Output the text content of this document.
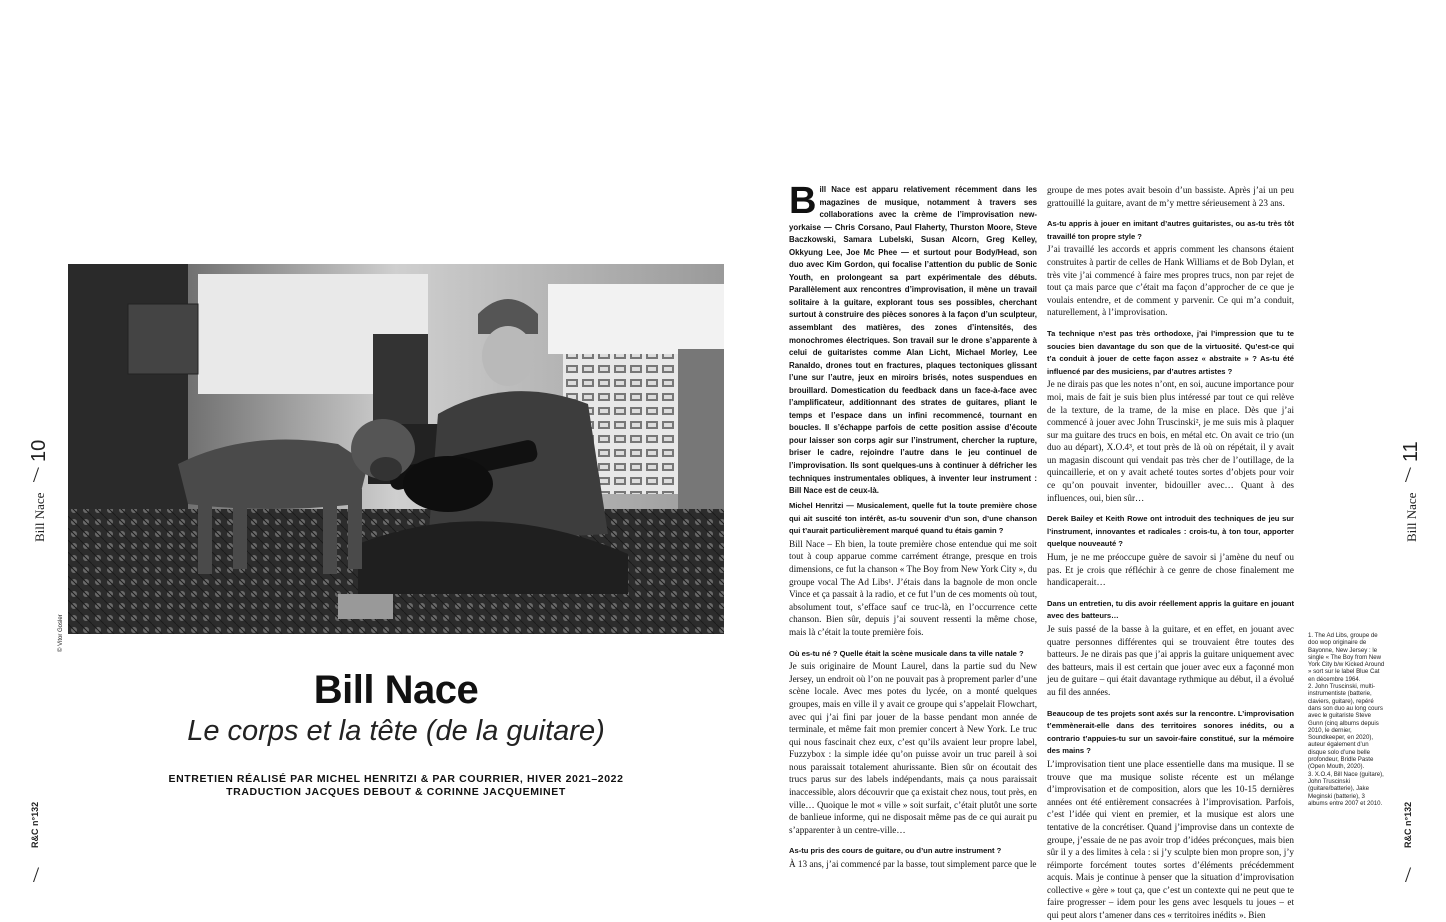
© Vitor Gosler
Bill Nace
/
10
R&C n°132
/
Bill Nace
Le corps et la tête (de la guitare)
ENTRETIEN RÉALISÉ PAR MICHEL HENRITZI & PAR COURRIER, HIVER 2021–2022
TRADUCTION JACQUES DEBOUT & CORINNE JACQUEMINET
Bill Nace est apparu relativement récemment dans les magazines de musique, notamment à travers ses collaborations avec la crème de l’improvisation new-yorkaise — Chris Corsano, Paul Flaherty, Thurston Moore, Steve Baczkowski, Samara Lubelski, Susan Alcorn, Greg Kelley, Okkyung Lee, Joe Mc Phee — et surtout pour Body/Head, son duo avec Kim Gordon, qui focalise l’attention du public de Sonic Youth, en prolongeant sa part expérimentale des débuts. Parallèlement aux rencontres d’improvisation, il mène un travail solitaire à la guitare, explorant tous ses possibles, cherchant surtout à construire des pièces sonores à la façon d’un sculpteur, assemblant des matières, des zones d’intensités, des monochromes électriques. Son travail sur le drone s’apparente à celui de guitaristes comme Alan Licht, Michael Morley, Lee Ranaldo, drones tout en fractures, plaques tectoniques glissant l’une sur l’autre, jeux en miroirs brisés, notes suspendues en brouillard. Domestication du feedback dans un face-à-face avec l’amplificateur, additionnant des strates de guitares, pliant le temps et l’espace dans un infini recommencé, tournant en boucles. Il s’échappe parfois de cette position assise d’écoute pour laisser son corps agir sur l’instrument, chercher la rupture, briser le cadre, rejoindre l’autre dans le jeu continuel de l’improvisation. Ils sont quelques-uns à continuer à défricher les techniques instrumentales obliques, à inventer leur instrument : Bill Nace est de ceux-là.

Michel Henritzi — Musicalement, quelle fut la toute première chose qui ait suscité ton intérêt, as-tu souvenir d’un son, d’une chanson qui t’aurait particulièrement marqué quand tu étais gamin ?

Bill Nace – Eh bien, la toute première chose entendue qui me soit tout à coup apparue comme carrément étrange, presque en trois dimensions, ce fut la chanson « The Boy from New York City », du groupe vocal The Ad Libs¹. J’étais dans la bagnole de mon oncle Vince et ça passait à la radio, et ce fut l’un de ces moments où tout, absolument tout, s’efface sauf ce truc-là, en l’occurrence cette chanson. Bien sûr, depuis j’ai souvent ressenti la même chose, mais là c’était la toute première fois.

Où es-tu né ? Quelle était la scène musicale dans ta ville natale ?

Je suis originaire de Mount Laurel, dans la partie sud du New Jersey, un endroit où l’on ne pouvait pas à proprement parler d’une scène locale. Avec mes potes du lycée, on a monté quelques groupes, mais en ville il y avait ce groupe qui s’appelait Flowchart, avec qui j’ai fini par jouer de la basse pendant mon année de terminale, et même fait mon premier concert à New York. Le truc qui nous fascinait chez eux, c’est qu’ils avaient leur propre label, Fuzzybox : la simple idée qu’on puisse avoir un truc pareil à soi nous paraissait totalement ahurissante. Bien sûr on écoutait des trucs parus sur des labels indépendants, mais ça nous paraissait inaccessible, alors découvrir que ça existait chez nous, tout près, en ville… Quoique le mot « ville » soit surfait, c’était plutôt une sorte de banlieue informe, qui ne disposait même pas de ce qui aurait pu s’apparenter à un centre-ville…

As-tu pris des cours de guitare, ou d’un autre instrument ?

À 13 ans, j’ai commencé par la basse, tout simplement parce que le

groupe de mes potes avait besoin d’un bassiste. Après j’ai un peu grattouillé la guitare, avant de m’y mettre sérieusement à 23 ans.

As-tu appris à jouer en imitant d’autres guitaristes, ou as-tu très tôt travaillé ton propre style ?

J’ai travaillé les accords et appris comment les chansons étaient construites à partir de celles de Hank Williams et de Bob Dylan, et très vite j’ai commencé à faire mes propres trucs, non par rejet de tout ça mais parce que c’était ma façon d’approcher de ce que je voulais entendre, et de comment y parvenir. Ce qui m’a conduit, naturellement, à l’improvisation.

Ta technique n’est pas très orthodoxe, j’ai l’impression que tu te soucies bien davantage du son que de la virtuosité. Qu’est-ce qui t’a conduit à jouer de cette façon assez « abstraite » ? As-tu été influencé par des musiciens, par d’autres artistes ?

Je ne dirais pas que les notes n’ont, en soi, aucune importance pour moi, mais de fait je suis bien plus intéressé par tout ce qui relève de la texture, de la trame, de la mise en place. Dès que j’ai commencé à jouer avec John Truscinski², je me suis mis à plaquer sur ma guitare des trucs en bois, en métal etc. On avait ce trio (un duo au départ), X.O.4³, et tout près de là où on répétait, il y avait un magasin discount qui vendait pas très cher de l’outillage, de la quincaillerie, et on y avait acheté toutes sortes d’objets pour voir ce qu’on pouvait inventer, bidouiller avec… Quant à des influences, oui, bien sûr…

Derek Bailey et Keith Rowe ont introduit des techniques de jeu sur l’instrument, innovantes et radicales : crois-tu, à ton tour, apporter quelque nouveauté ?

Hum, je ne me préoccupe guère de savoir si j’amène du neuf ou pas. Et je crois que réfléchir à ce genre de chose finalement me handicaperait…

Dans un entretien, tu dis avoir réellement appris la guitare en jouant avec des batteurs…

Je suis passé de la basse à la guitare, et en effet, en jouant avec quatre personnes différentes qui se trouvaient être toutes des batteurs. Je ne dirais pas que j’ai appris la guitare uniquement avec des batteurs, mais il est certain que jouer avec eux a façonné mon jeu de guitare – qui était davantage rythmique au début, il a évolué au fil des années.

Beaucoup de tes projets sont axés sur la rencontre. L’improvisation t’emmènerait-elle dans des territoires sonores inédits, ou a contrario t’appuies-tu sur un savoir-faire constitué, sur la mémoire des mains ?

L’improvisation tient une place essentielle dans ma musique. Il se trouve que ma musique soliste récente est un mélange d’improvisation et de composition, alors que les 10-15 dernières années ont été entièrement consacrées à l’improvisation. Parfois, c’est l’idée qui vient en premier, et la musique est alors une tentative de la concrétiser. Quand j’improvise dans un contexte de groupe, j’essaie de ne pas avoir trop d’idées préconçues, mais bien sûr il y a des limites à cela : si j’y sculpte bien mon propre son, j’y réimporte forcément toutes sortes d’éléments précédemment acquis. Mais je continue à penser que la situation d’improvisation collective « gère » tout ça, que c’est un contexte qui ne peut que te faire progresser – idem pour les gens avec lesquels tu joues – et qui peut alors t’amener dans ces « territoires inédits ». Bien

1. The Ad Libs, groupe de doo wop originaire de Bayonne, New Jersey : le single « The Boy from New York City b/w Kicked Around » sort sur le label Blue Cat en décembre 1964.

2. John Truscinski, multi-instrumentiste (batterie, claviers, guitare), repéré dans son duo au long cours avec le guitariste Steve Gunn (cinq albums depuis 2010, le dernier, Soundkeeper, en 2020), auteur également d’un disque solo d’une belle profondeur, Bridle Paste (Open Mouth, 2020).

3. X.O.4, Bill Nace (guitare), John Truscinski (guitare/batterie), Jake Meginski (batterie), 3 albums entre 2007 et 2010.

Bill Nace
/
11
R&C n°132
/
